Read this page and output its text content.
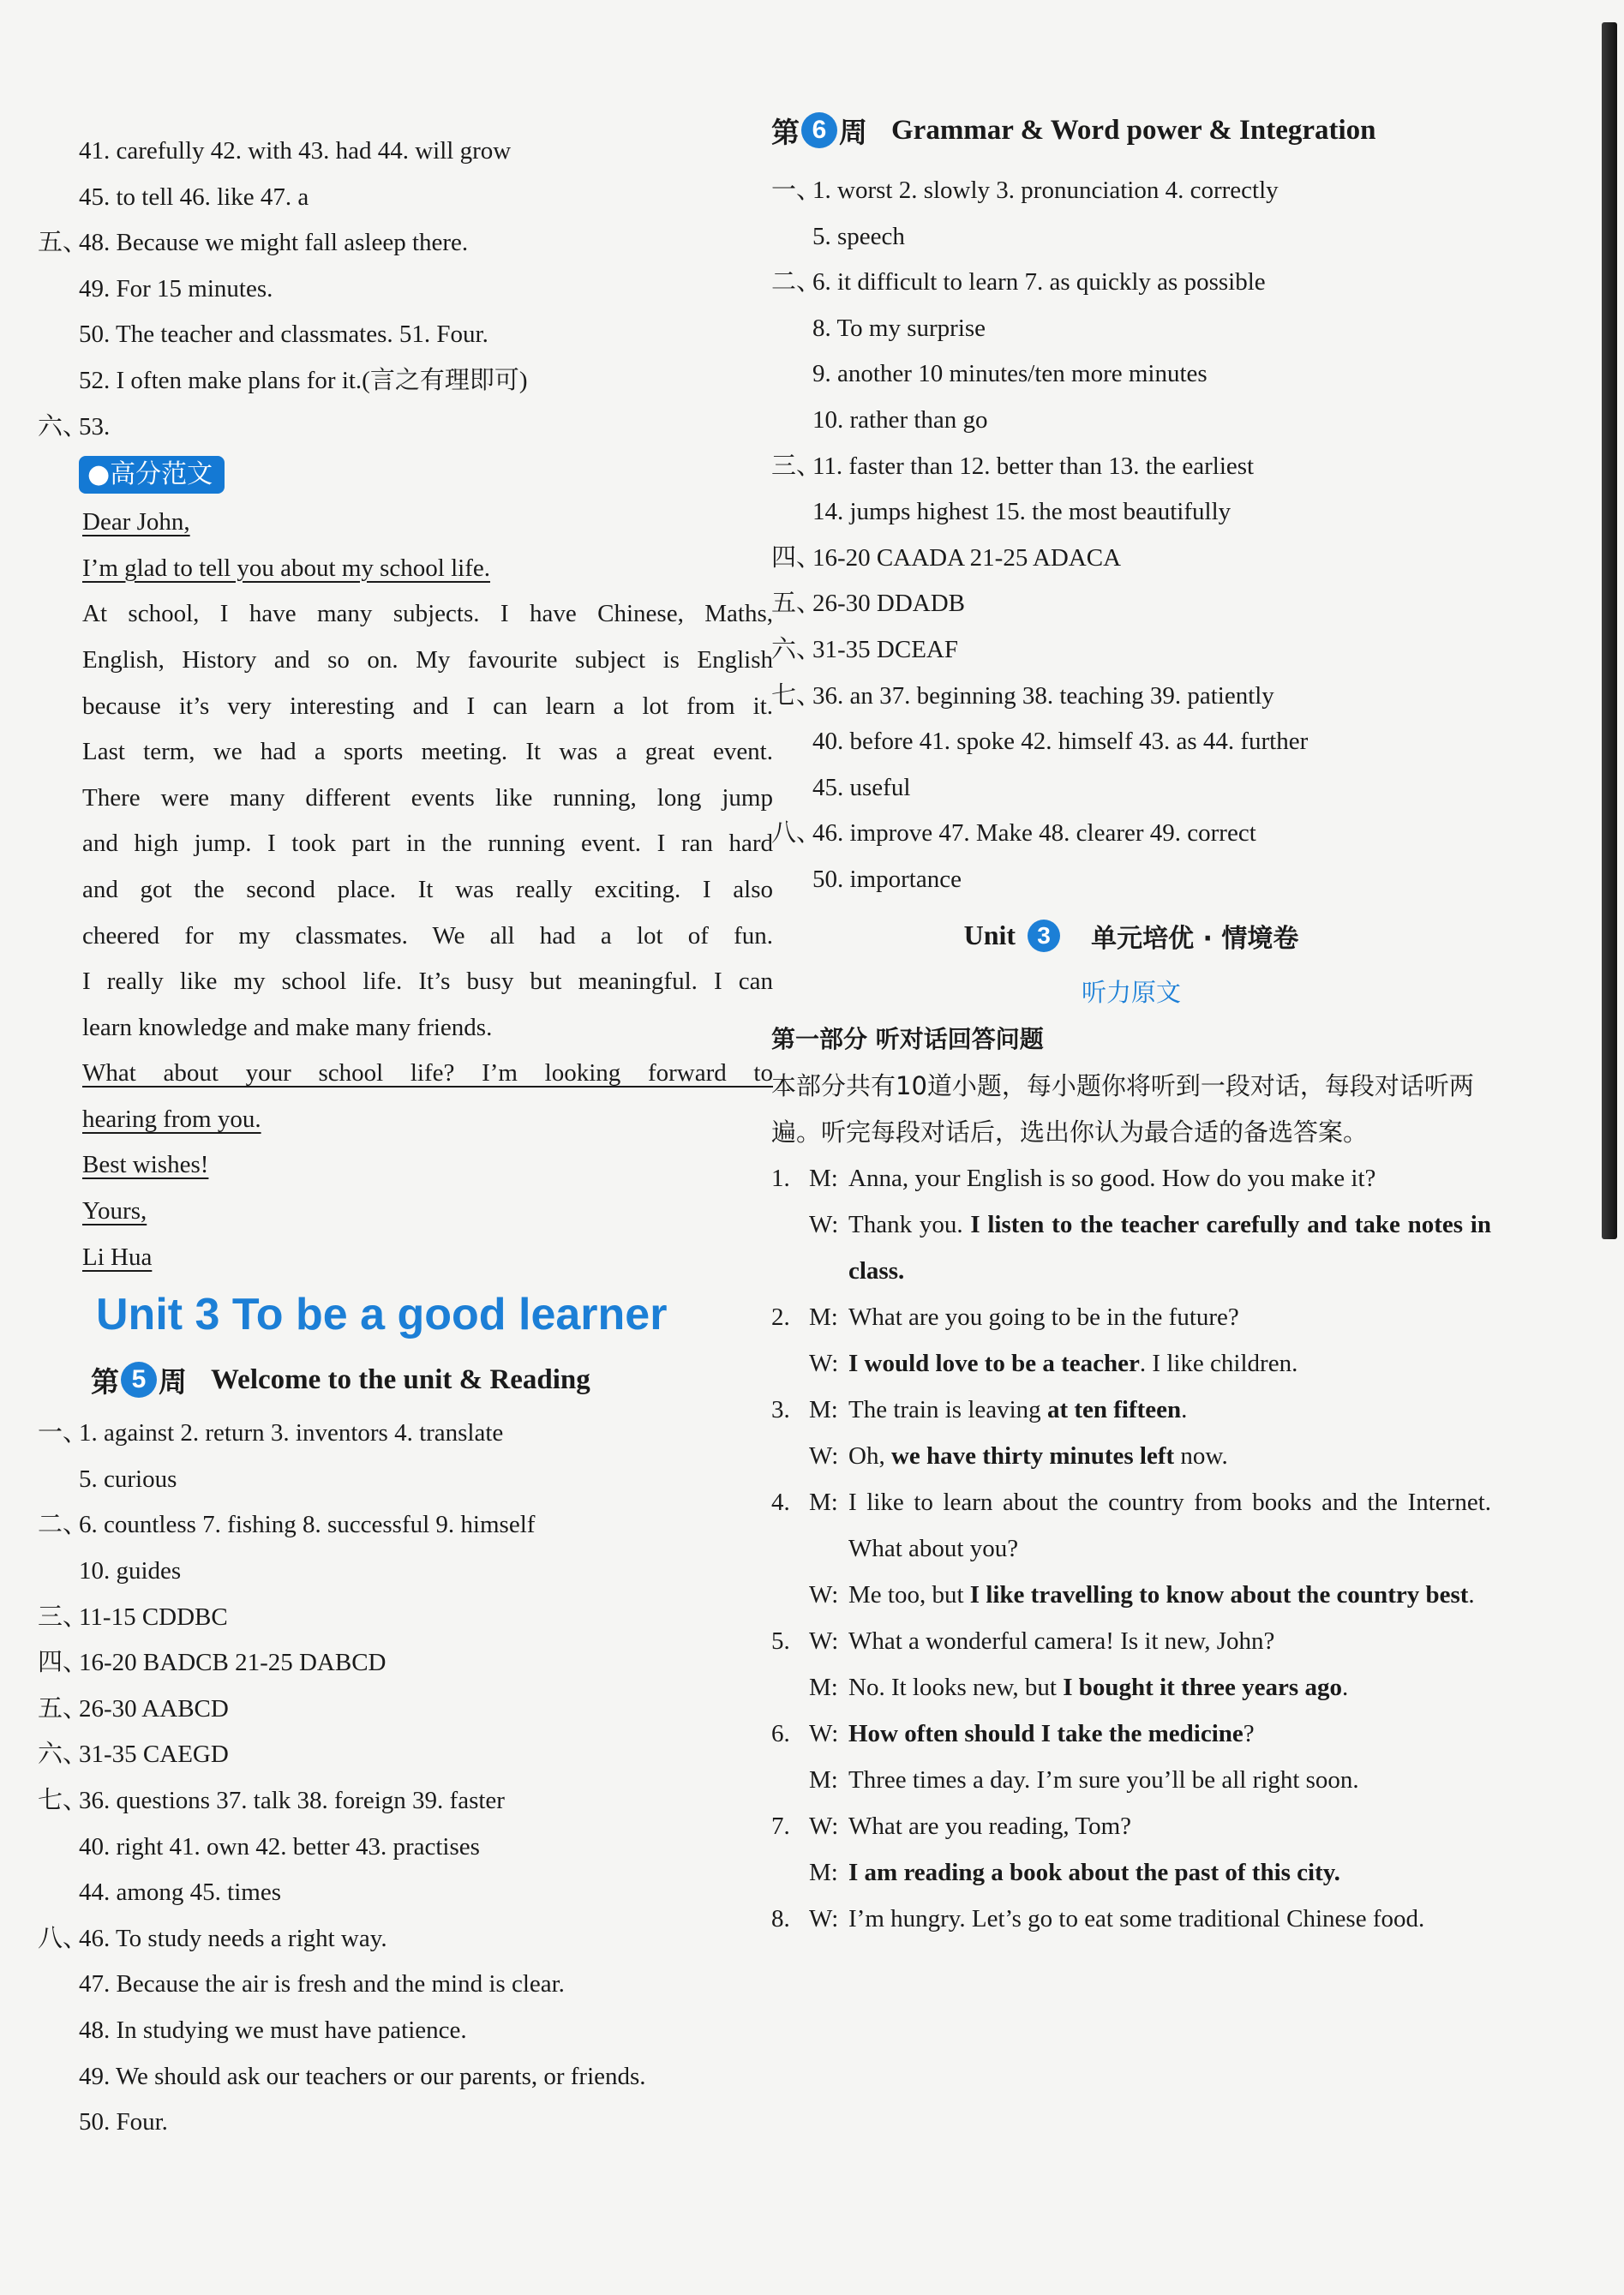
41. carefully 42. with 43. had 44. will grow
45. to tell 46. like 47. a
五、48. Because we might fall asleep there.
49. For 15 minutes.
50. The teacher and classmates. 51. Four.
52. I often make plans for it.(言之有理即可)
六、53.
●高分范文
Dear John,
I’m glad to tell you about my school life.
At school, I have many subjects. I have Chinese, Maths,
English, History and so on. My favourite subject is English
because it’s very interesting and I can learn a lot from it.
Last term, we had a sports meeting. It was a great event.
There were many different events like running, long jump
and high jump. I took part in the running event. I ran hard
and got the second place. It was really exciting. I also
cheered for my classmates. We all had a lot of fun.
I really like my school life. It’s busy but meaningful. I can
learn knowledge and make many friends.
What about your school life? I’m looking forward to
hearing from you.
Best wishes!
Yours,
Li Hua
Unit 3 To be a good learner
第 5 周 Welcome to the unit & Reading
一、1. against 2. return 3. inventors 4. translate
5. curious
二、6. countless 7. fishing 8. successful 9. himself
10. guides
三、11-15 CDDBC
四、16-20 BADCB 21-25 DABCD
五、26-30 AABCD
六、31-35 CAEGD
七、36. questions 37. talk 38. foreign 39. faster
40. right 41. own 42. better 43. practises
44. among 45. times
八、46. To study needs a right way.
47. Because the air is fresh and the mind is clear.
48. In studying we must have patience.
49. We should ask our teachers or our parents, or friends.
50. Four.
第 6 周 Grammar & Word power & Integration
一、1. worst 2. slowly 3. pronunciation 4. correctly
5. speech
二、6. it difficult to learn 7. as quickly as possible
8. To my surprise
9. another 10 minutes/ten more minutes
10. rather than go
三、11. faster than 12. better than 13. the earliest
14. jumps highest 15. the most beautifully
四、16-20 CAADA 21-25 ADACA
五、26-30 DDADB
六、31-35 DCEAF
七、36. an 37. beginning 38. teaching 39. patiently
40. before 41. spoke 42. himself 43. as 44. further
45. useful
八、46. improve 47. Make 48. clearer 49. correct
50. importance
Unit 3	单元培优 · 情境卷
听力原文
第一部分 听对话回答问题
本部分共有10道小题，每小题你将听到一段对话，每段对话听两遍。听完每段对话后，选出你认为最合适的备选答案。
1. M: Anna, your English is so good. How do you make it?
W: Thank you. I listen to the teacher carefully and take notes in class.
2. M: What are you going to be in the future?
W: I would love to be a teacher. I like children.
3. M: The train is leaving at ten fifteen.
W: Oh, we have thirty minutes left now.
4. M: I like to learn about the country from books and the Internet. What about you?
W: Me too, but I like travelling to know about the country best.
5. W: What a wonderful camera! Is it new, John?
M: No. It looks new, but I bought it three years ago.
6. W: How often should I take the medicine?
M: Three times a day. I’m sure you’ll be all right soon.
7. W: What are you reading, Tom?
M: I am reading a book about the past of this city.
8. W: I’m hungry. Let’s go to eat some traditional Chinese food.
